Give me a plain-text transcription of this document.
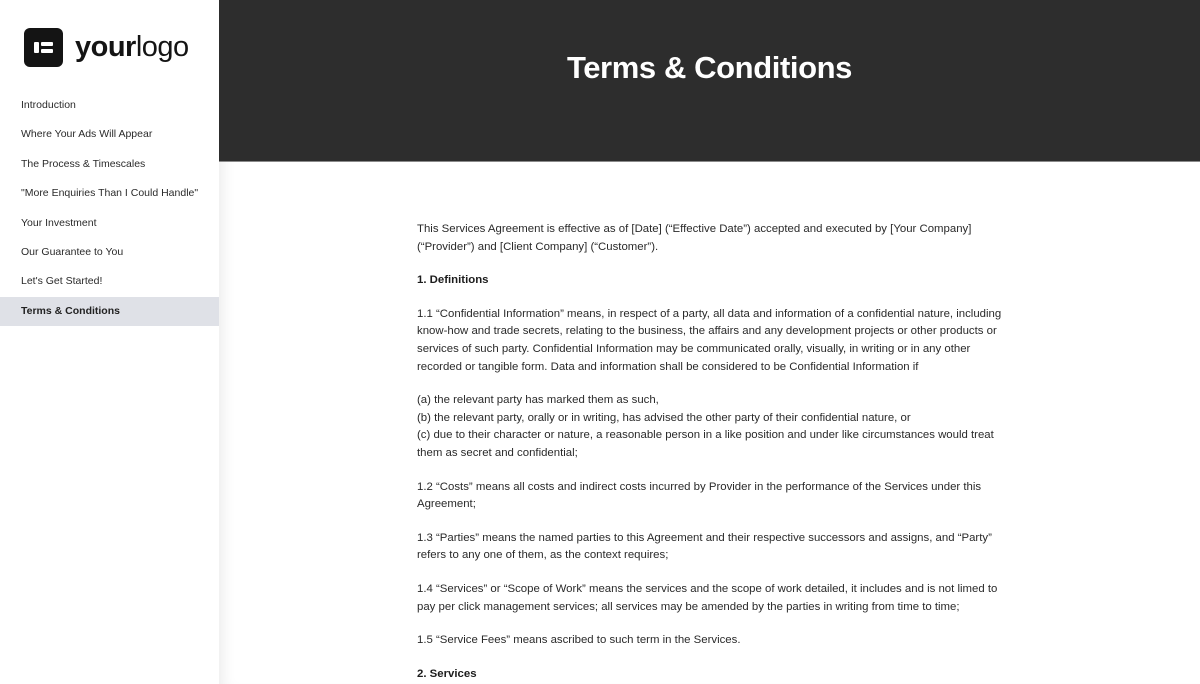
yourlogo
Introduction
Where Your Ads Will Appear
The Process & Timescales
"More Enquiries Than I Could Handle"
Your Investment
Our Guarantee to You
Let's Get Started!
Terms & Conditions
Terms & Conditions

This Services Agreement is effective as of [Date] (“Effective Date”) accepted and executed by [Your Company] (“Provider”) and [Client Company] (“Customer”).

1. Definitions

1.1 “Confidential Information” means, in respect of a party, all data and information of a confidential nature, including know-how and trade secrets, relating to the business, the affairs and any development projects or other products or services of such party. Confidential Information may be communicated orally, visually, in writing or in any other recorded or tangible form. Data and information shall be considered to be Confidential Information if

(a) the relevant party has marked them as such,

(b) the relevant party, orally or in writing, has advised the other party of their confidential nature, or

(c) due to their character or nature, a reasonable person in a like position and under like circumstances would treat them as secret and confidential;

1.2 “Costs” means all costs and indirect costs incurred by Provider in the performance of the Services under this Agreement;

1.3 “Parties” means the named parties to this Agreement and their respective successors and assigns, and “Party” refers to any one of them, as the context requires;

1.4 “Services” or “Scope of Work” means the services and the scope of work detailed, it includes and is not limed to pay per click management services; all services may be amended by the parties in writing from time to time;

1.5 “Service Fees” means ascribed to such term in the Services.

2. Services
